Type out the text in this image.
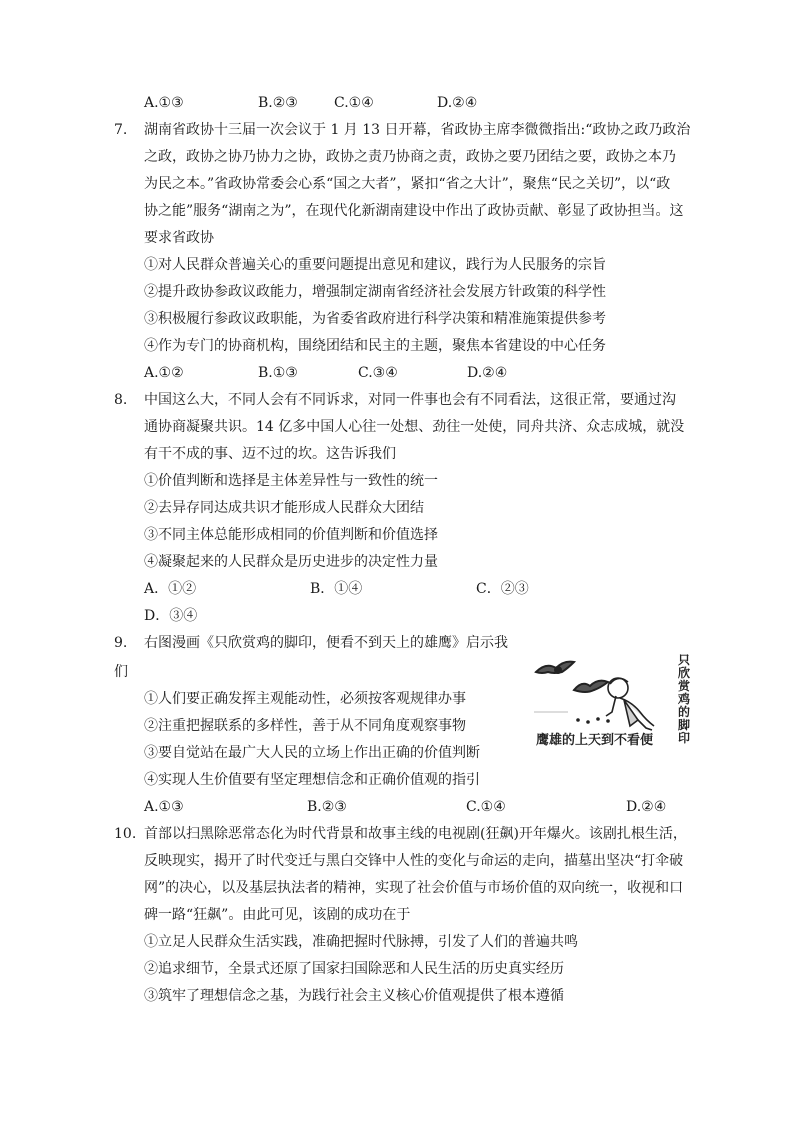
A.①③	B.②③	C.①④	D.②④
7. 湖南省政协十三届一次会议于 1 月 13 日开幕，省政协主席李微微指出:“政协之政乃政治
之政，政协之协乃协力之协，政协之责乃协商之责，政协之要乃团结之要，政协之本乃
为民之本。”省政协常委会心系“国之大者”，紧扣“省之大计”，聚焦“民之关切”，以“政
协之能”服务“湖南之为”，在现代化新湖南建设中作出了政协贡献、彰显了政协担当。这
要求省政协
①对人民群众普遍关心的重要问题提出意见和建议，践行为人民服务的宗旨
②提升政协参政议政能力，增强制定湖南省经济社会发展方针政策的科学性
③积极履行参政议政职能，为省委省政府进行科学决策和精准施策提供参考
④作为专门的协商机构，围绕团结和民主的主题，聚焦本省建设的中心任务
A.①②	B.①③	C.③④	D.②④
8. 中国这么大，不同人会有不同诉求，对同一件事也会有不同看法，这很正常，要通过沟
通协商凝聚共识。14 亿多中国人心往一处想、劲往一处使，同舟共济、众志成城，就没
有干不成的事、迈不过的坎。这告诉我们
①价值判断和选择是主体差异性与一致性的统一
②去异存同达成共识才能形成人民群众大团结
③不同主体总能形成相同的价值判断和价值选择
④凝聚起来的人民群众是历史进步的决定性力量
A．①②	B．①④	C．②③
D．③④
9. 右图漫画《只欣赏鸡的脚印，便看不到天上的雄鹰》启示我
们
①人们要正确发挥主观能动性，必须按客观规律办事
②注重把握联系的多样性，善于从不同角度观察事物
③要自觉站在最广大人民的立场上作出正确的价值判断
④实现人生价值要有坚定理想信念和正确价值观的指引
A.①③	B.②③	C.①④	D.②④
鹰雄的上天到不看便
只欣赏鸡的脚印
10. 首部以扫黑除恶常态化为时代背景和故事主线的电视剧(狂飙)开年爆火。该剧扎根生活，
反映现实，揭开了时代变迁与黑白交锋中人性的变化与命运的走向，描墓出坚决“打伞破
网”的决心，以及基层执法者的精神，实现了社会价值与市场价值的双向统一，收视和口
碑一路“狂飙”。由此可见，该剧的成功在于
①立足人民群众生活实践，准确把握时代脉搏，引发了人们的普遍共鸣
②追求细节，全景式还原了国家扫国除恶和人民生活的历史真实经历
③筑牢了理想信念之基，为践行社会主义核心价值观提供了根本遵循
